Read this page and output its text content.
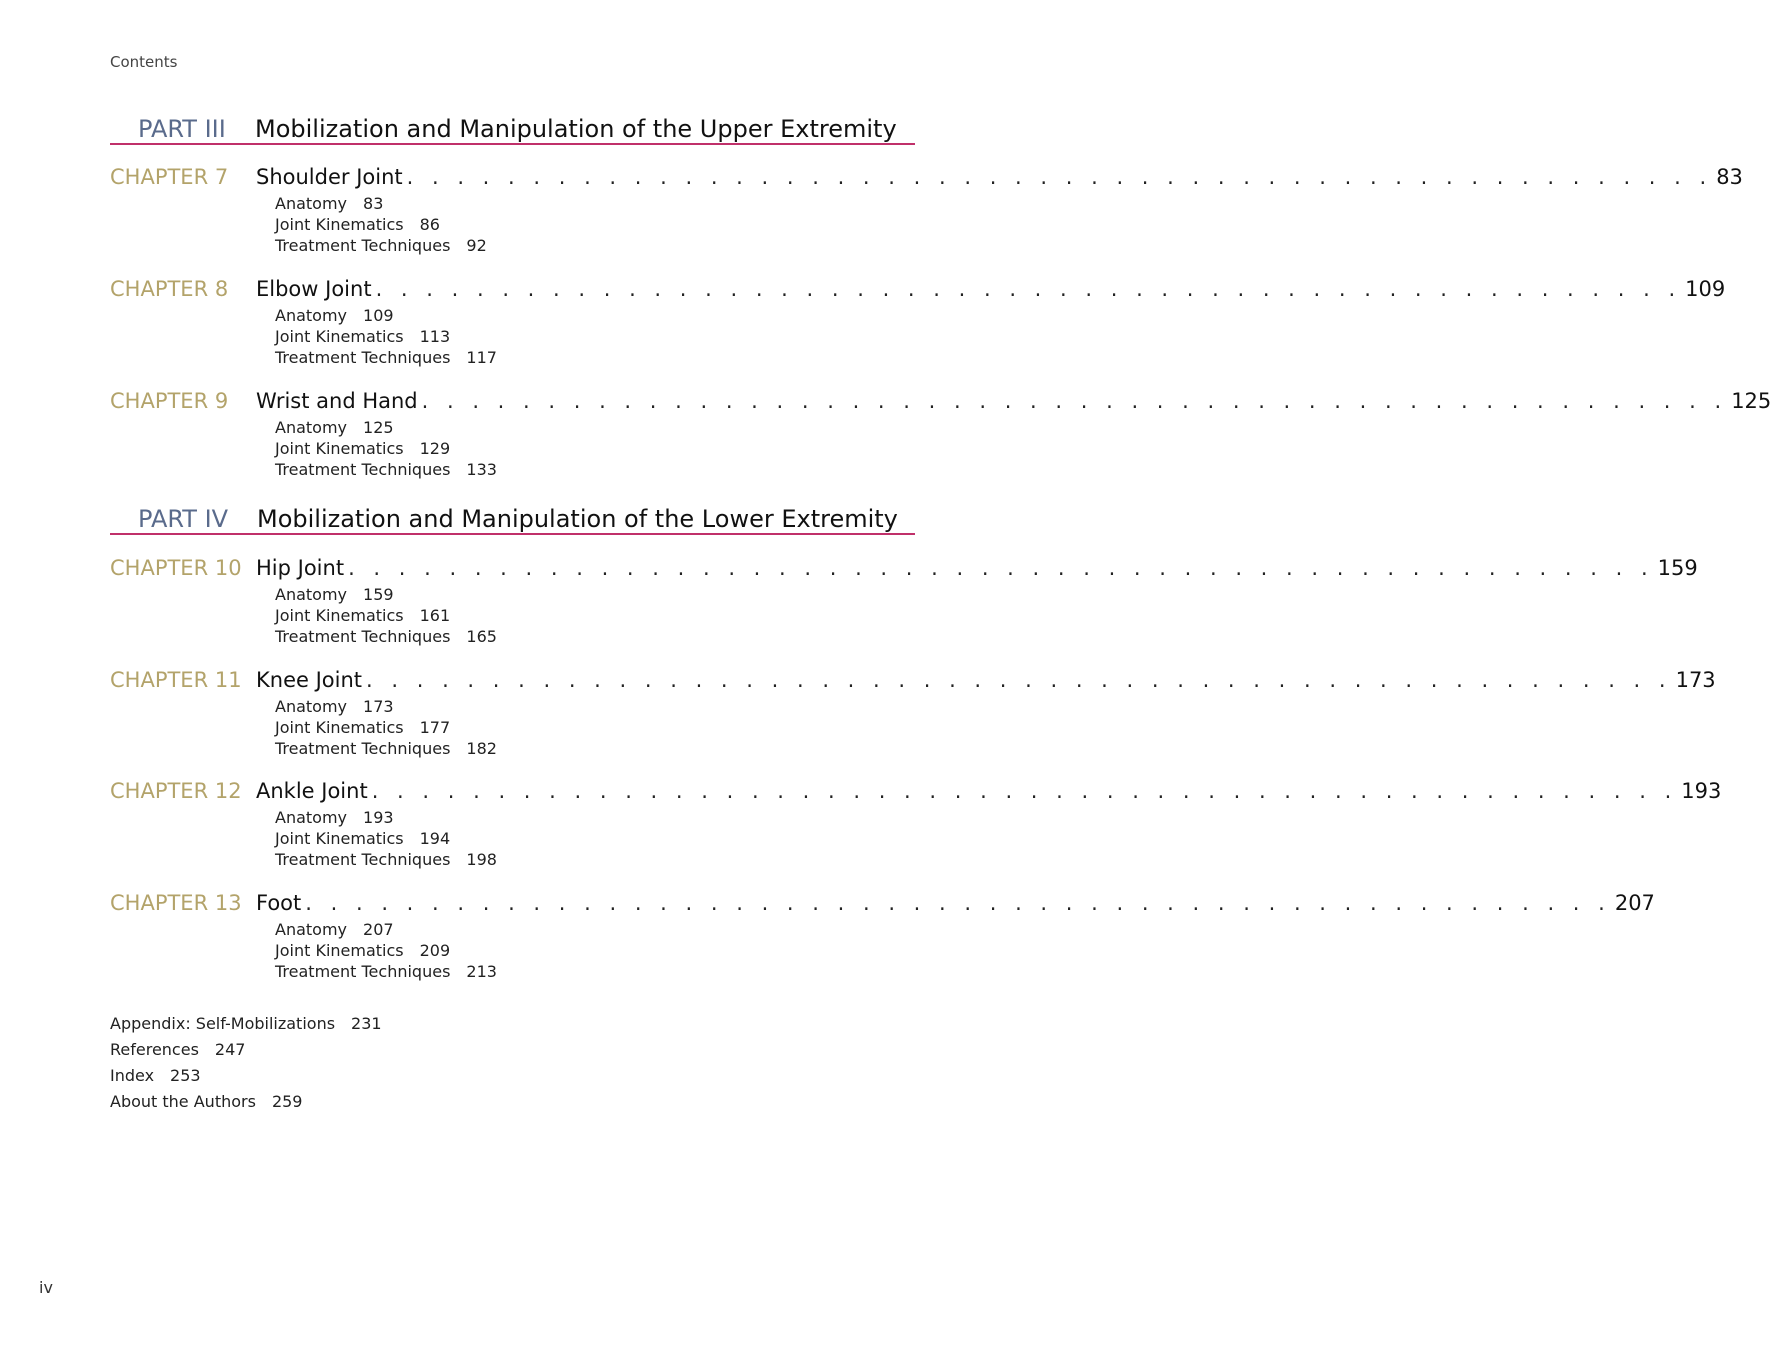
Contents
PART III Mobilization and Manipulation of the Upper Extremity
CHAPTER 7 Shoulder Joint . . . . . . . . . . . . . . . . . . . . . . . . . . . . . . . . . . . . . . . . . . . . . . . . . . . . 83
Anatomy 83
Joint Kinematics 86
Treatment Techniques 92
CHAPTER 8 Elbow Joint . . . . . . . . . . . . . . . . . . . . . . . . . . . . . . . . . . . . . . . . . . . . . . . . . . . . 109
Anatomy 109
Joint Kinematics 113
Treatment Techniques 117
CHAPTER 9 Wrist and Hand . . . . . . . . . . . . . . . . . . . . . . . . . . . . . . . . . . . . . . . . . . . . . . . . . . . . 125
Anatomy 125
Joint Kinematics 129
Treatment Techniques 133
PART IV Mobilization and Manipulation of the Lower Extremity
CHAPTER 10 Hip Joint . . . . . . . . . . . . . . . . . . . . . . . . . . . . . . . . . . . . . . . . . . . . . . . . . . . . 159
Anatomy 159
Joint Kinematics 161
Treatment Techniques 165
CHAPTER 11 Knee Joint . . . . . . . . . . . . . . . . . . . . . . . . . . . . . . . . . . . . . . . . . . . . . . . . . . . . 173
Anatomy 173
Joint Kinematics 177
Treatment Techniques 182
CHAPTER 12 Ankle Joint . . . . . . . . . . . . . . . . . . . . . . . . . . . . . . . . . . . . . . . . . . . . . . . . . . . . 193
Anatomy 193
Joint Kinematics 194
Treatment Techniques 198
CHAPTER 13 Foot . . . . . . . . . . . . . . . . . . . . . . . . . . . . . . . . . . . . . . . . . . . . . . . . . . . . 207
Anatomy 207
Joint Kinematics 209
Treatment Techniques 213
Appendix: Self-Mobilizations 231
References 247
Index 253
About the Authors 259
iv
